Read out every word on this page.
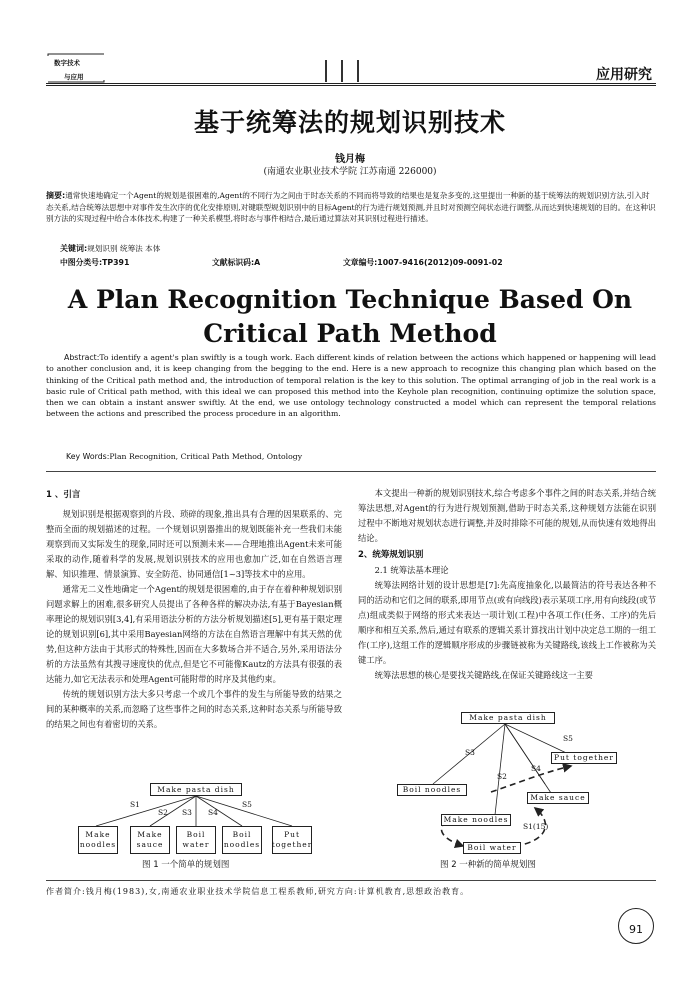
数字技术
与应用	应用研究
基于统筹法的规划识别技术
钱月梅
(南通农业职业技术学院 江苏南通 226000)
摘要:通常快速地确定一个Agent的规划是很困难的,Agent的不同行为之间由于时态关系的不同而将导致的结果也是复杂多变的,这里提出一种新的基于统筹法的规划识别方法,引入时态关系,结合统筹法思想中对事件发生次序的优化安排原则,对键联型规划识别中的目标Agent的行为进行规划预测,并且时对预测空间状态进行调整,从而达到快速规划的目的。在这种识别方法的实现过程中给合本体技术,构建了一种关系模型,将时态与事件相结合,最后通过算法对其识别过程进行描述。
关键词:规划识别 统筹法 本体
中图分类号:TP391	文献标识码:A	文章编号:1007-9416(2012)09-0091-02
A Plan Recognition Technique Based On
Critical Path Method
Abstract:To identify a agent's plan swiftly is a tough work. Each different kinds of relation between the actions which happened or happening will lead to another conclusion and, it is keep changing from the begging to the end. Here is a new approach to recognize this changing plan which based on the thinking of the Critical path method and, the introduction of temporal relation is the key to this solution. The optimal arranging of job in the real work is a basic rule of Critical path method, with this ideal we can proposed this method into the Keyhole plan recognition, continuing optimize the solution space, then we can obtain a instant answer swiftly. At the end, we use ontology technology constructed a model which can represent the temporal relations between the actions and prescribed the process procedure in an algorithm.
Key Words:Plan Recognition, Critical Path Method, Ontology
1 、引言

规划识别是根据观察到的片段、琐碎的现象,推出具有合理的因果联系的、完整而全面的规划描述的过程。一个规划识别器推出的规划既能补充一些我们未能观察到而又实际发生的现象,同时还可以预测未来——合理地推出Agent未来可能采取的动作,随着科学的发展,规划识别技术的应用也愈加广泛,如在自然语言理解、知识推理、情景演算、安全防范、协同通信[1~3]等技术中的应用。

通常无二义性地确定一个Agent的规划是很困难的,由于存在着种种规划识别问题求解上的困难,很多研究人员提出了各种各样的解决办法,有基于Bayesian概率理论的规划识别[3,4],有采用语法分析的方法分析规划描述[5],更有基于限定理论的规划识别[6],其中采用Bayesian网络的方法在自然语言理解中有其天然的优势,但这种方法由于其形式的特殊性,因而在大多数场合并不适合,另外,采用语法分析的方法虽然有其搜寻速度快的优点,但是它不可能像Kautz的方法具有很强的表达能力,如它无法表示和处理Agent可能附带的时序及其他约束。

传统的规划识别方法大多只考虑一个或几个事件的发生与所能导致的结果之间的某种概率的关系,而忽略了这些事件之间的时态关系,这种时态关系与所能导致的结果之间也有着密切的关系。

本文提出一种新的规划识别技术,综合考虑多个事件之间的时态关系,并结合统筹法思想,对Agent的行为进行规划预测,借助于时态关系,这种规划方法能在识别过程中不断地对规划状态进行调整,并及时排除不可能的规划,从而快速有效地得出结论。

2、统筹规划识别
2.1 统筹法基本理论

统筹法网络计划的设计思想是[7]:先高度抽象化,以最简洁的符号表达各种不同的活动和它们之间的联系,即用节点(或有向线段)表示某项工序,用有向线段(或节点)组成类似于网络的形式来表达一项计划(工程)中各项工作(任务、工序)的先后顺序和相互关系,然后,通过有联系的逻辑关系计算找出计划中决定总工期的一组工作(工序),这组工作的逻辑顺序形成的步骤链被称为关键路线,该线上工作被称为关键工序。

统筹法思想的核心是要找关键路线,在保证关键路线这一主要

Make pasta dish
S1
S2 S3 S4
S5
Make noodles
Make sauce
Boil water
Boil noodles
Put together
图 1 一个简单的规划图
Make pasta dish
S3
S2
S4
S5
Put together
Boil noodles
Make sauce
Make noodles
S1(15)
Boil water
图 2 一种新的简单规划图
作者简介:钱月梅(1983),女,南通农业职业技术学院信息工程系教师,研究方向:计算机教育,思想政治教育。
91
